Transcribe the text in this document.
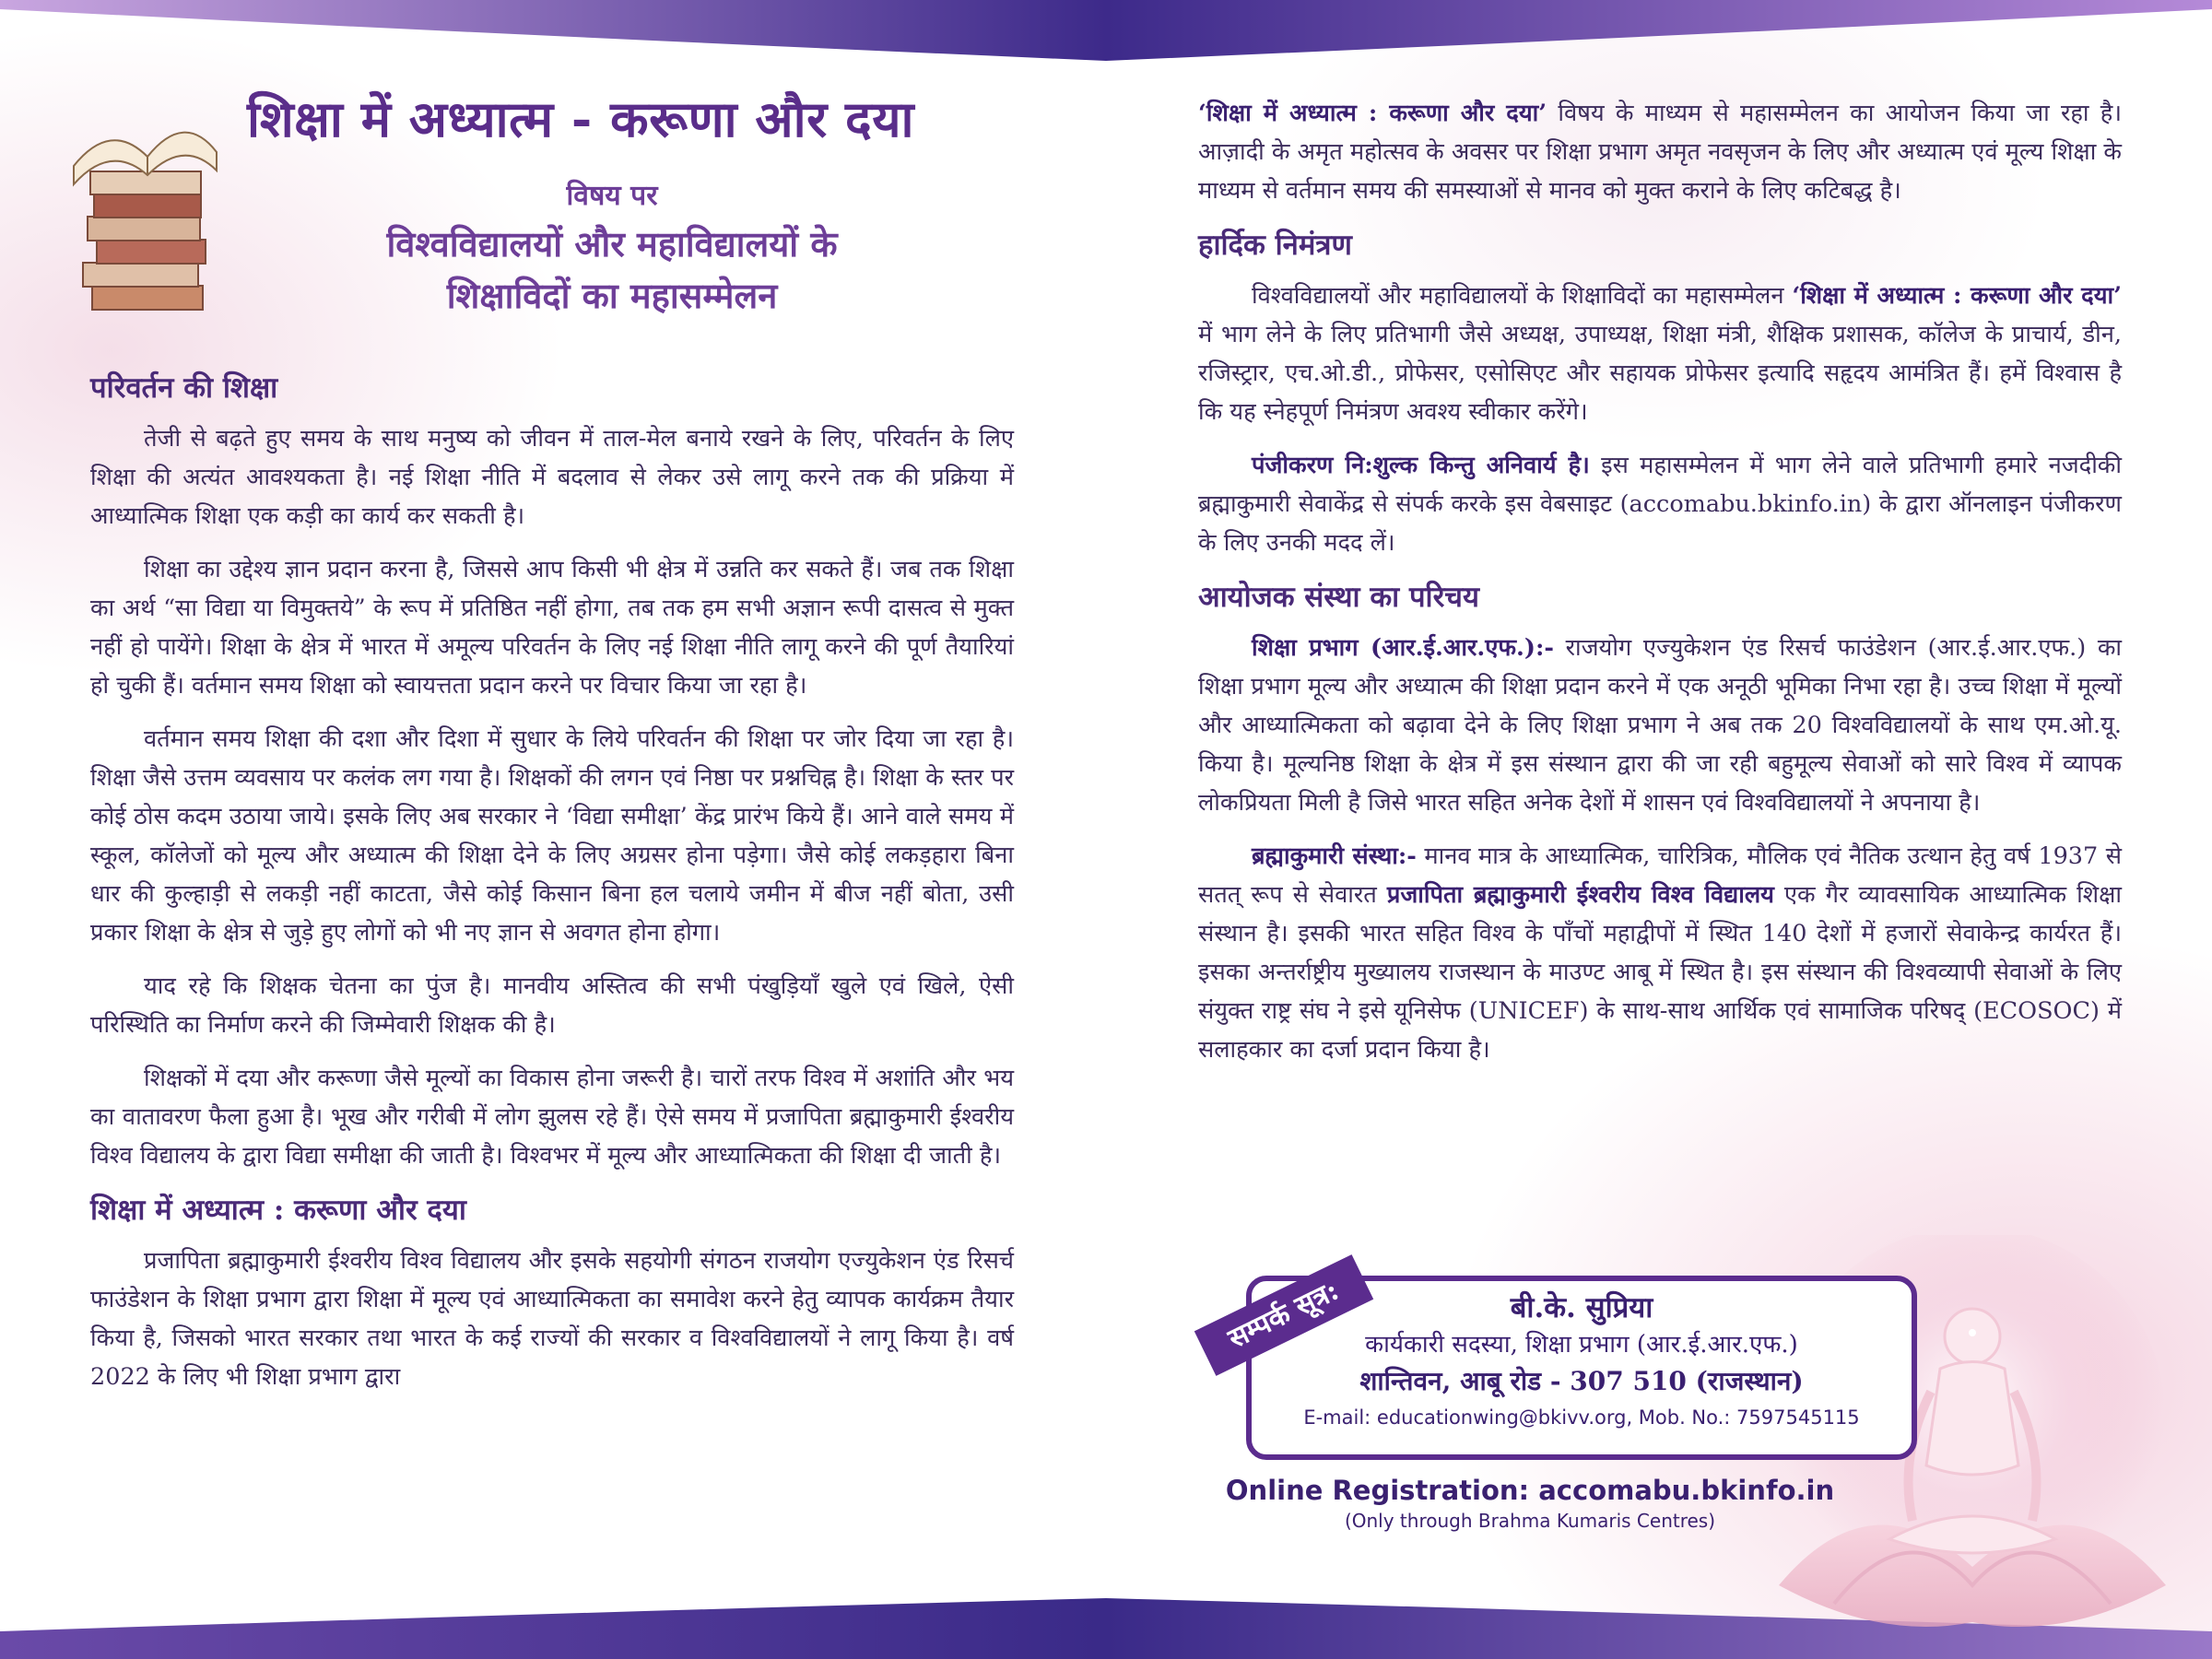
शिक्षा में अध्यात्म - करूणा और दया
विषय पर
विश्वविद्यालयों और महाविद्यालयों के
शिक्षाविदों का महासम्मेलन
परिवर्तन की शिक्षा

तेजी से बढ़ते हुए समय के साथ मनुष्य को जीवन में ताल-मेल बनाये रखने के लिए, परिवर्तन के लिए शिक्षा की अत्यंत आवश्यकता है। नई शिक्षा नीति में बदलाव से लेकर उसे लागू करने तक की प्रक्रिया में आध्यात्मिक शिक्षा एक कड़ी का कार्य कर सकती है।

शिक्षा का उद्देश्य ज्ञान प्रदान करना है, जिससे आप किसी भी क्षेत्र में उन्नति कर सकते हैं। जब तक शिक्षा का अर्थ “सा विद्या या विमुक्तये” के रूप में प्रतिष्ठित नहीं होगा, तब तक हम सभी अज्ञान रूपी दासत्व से मुक्त नहीं हो पायेंगे। शिक्षा के क्षेत्र में भारत में अमूल्य परिवर्तन के लिए नई शिक्षा नीति लागू करने की पूर्ण तैयारियां हो चुकी हैं। वर्तमान समय शिक्षा को स्वायत्तता प्रदान करने पर विचार किया जा रहा है।

वर्तमान समय शिक्षा की दशा और दिशा में सुधार के लिये परिवर्तन की शिक्षा पर जोर दिया जा रहा है। शिक्षा जैसे उत्तम व्यवसाय पर कलंक लग गया है। शिक्षकों की लगन एवं निष्ठा पर प्रश्नचिह्न है। शिक्षा के स्तर पर कोई ठोस कदम उठाया जाये। इसके लिए अब सरकार ने ‘विद्या समीक्षा’ केंद्र प्रारंभ किये हैं। आने वाले समय में स्कूल, कॉलेजों को मूल्य और अध्यात्म की शिक्षा देने के लिए अग्रसर होना पड़ेगा। जैसे कोई लकड़हारा बिना धार की कुल्हाड़ी से लकड़ी नहीं काटता, जैसे कोई किसान बिना हल चलाये जमीन में बीज नहीं बोता, उसी प्रकार शिक्षा के क्षेत्र से जुड़े हुए लोगों को भी नए ज्ञान से अवगत होना होगा।

याद रहे कि शिक्षक चेतना का पुंज है। मानवीय अस्तित्व की सभी पंखुड़ियाँ खुले एवं खिले, ऐसी परिस्थिति का निर्माण करने की जिम्मेवारी शिक्षक की है।

शिक्षकों में दया और करूणा जैसे मूल्यों का विकास होना जरूरी है। चारों तरफ विश्व में अशांति और भय का वातावरण फैला हुआ है। भूख और गरीबी में लोग झुलस रहे हैं। ऐसे समय में प्रजापिता ब्रह्माकुमारी ईश्वरीय विश्व विद्यालय के द्वारा विद्या समीक्षा की जाती है। विश्वभर में मूल्य और आध्यात्मिकता की शिक्षा दी जाती है।

शिक्षा में अध्यात्म : करूणा और दया

प्रजापिता ब्रह्माकुमारी ईश्वरीय विश्व विद्यालय और इसके सहयोगी संगठन राजयोग एज्युकेशन एंड रिसर्च फाउंडेशन के शिक्षा प्रभाग द्वारा शिक्षा में मूल्य एवं आध्यात्मिकता का समावेश करने हेतु व्यापक कार्यक्रम तैयार किया है, जिसको भारत सरकार तथा भारत के कई राज्यों की सरकार व विश्वविद्यालयों ने लागू किया है। वर्ष 2022 के लिए भी शिक्षा प्रभाग द्वारा

‘शिक्षा में अध्यात्म : करूणा और दया’ विषय के माध्यम से महासम्मेलन का आयोजन किया जा रहा है। आज़ादी के अमृत महोत्सव के अवसर पर शिक्षा प्रभाग अमृत नवसृजन के लिए और अध्यात्म एवं मूल्य शिक्षा के माध्यम से वर्तमान समय की समस्याओं से मानव को मुक्त कराने के लिए कटिबद्ध है।

हार्दिक निमंत्रण

विश्वविद्यालयों और महाविद्यालयों के शिक्षाविदों का महासम्मेलन ‘शिक्षा में अध्यात्म : करूणा और दया’ में भाग लेने के लिए प्रतिभागी जैसे अध्यक्ष, उपाध्यक्ष, शिक्षा मंत्री, शैक्षिक प्रशासक, कॉलेज के प्राचार्य, डीन, रजिस्ट्रार, एच.ओ.डी., प्रोफेसर, एसोसिएट और सहायक प्रोफेसर इत्यादि सहृदय आमंत्रित हैं। हमें विश्वास है कि यह स्नेहपूर्ण निमंत्रण अवश्य स्वीकार करेंगे।

पंजीकरण नि:शुल्क किन्तु अनिवार्य है। इस महासम्मेलन में भाग लेने वाले प्रतिभागी हमारे नजदीकी ब्रह्माकुमारी सेवाकेंद्र से संपर्क करके इस वेबसाइट (accomabu.bkinfo.in) के द्वारा ऑनलाइन पंजीकरण के लिए उनकी मदद लें।

आयोजक संस्था का परिचय

शिक्षा प्रभाग (आर.ई.आर.एफ.):- राजयोग एज्युकेशन एंड रिसर्च फाउंडेशन (आर.ई.आर.एफ.) का शिक्षा प्रभाग मूल्य और अध्यात्म की शिक्षा प्रदान करने में एक अनूठी भूमिका निभा रहा है। उच्च शिक्षा में मूल्यों और आध्यात्मिकता को बढ़ावा देने के लिए शिक्षा प्रभाग ने अब तक 20 विश्वविद्यालयों के साथ एम.ओ.यू. किया है। मूल्यनिष्ठ शिक्षा के क्षेत्र में इस संस्थान द्वारा की जा रही बहुमूल्य सेवाओं को सारे विश्व में व्यापक लोकप्रियता मिली है जिसे भारत सहित अनेक देशों में शासन एवं विश्वविद्यालयों ने अपनाया है।

ब्रह्माकुमारी संस्था:- मानव मात्र के आध्यात्मिक, चारित्रिक, मौलिक एवं नैतिक उत्थान हेतु वर्ष 1937 से सतत् रूप से सेवारत प्रजापिता ब्रह्माकुमारी ईश्वरीय विश्व विद्यालय एक गैर व्यावसायिक आध्यात्मिक शिक्षा संस्थान है। इसकी भारत सहित विश्व के पाँचों महाद्वीपों में स्थित 140 देशों में हजारों सेवाकेन्द्र कार्यरत हैं। इसका अन्तर्राष्ट्रीय मुख्यालय राजस्थान के माउण्ट आबू में स्थित है। इस संस्थान की विश्वव्यापी सेवाओं के लिए संयुक्त राष्ट्र संघ ने इसे यूनिसेफ (UNICEF) के साथ-साथ आर्थिक एवं सामाजिक परिषद् (ECOSOC) में सलाहकार का दर्जा प्रदान किया है।

बी.के. सुप्रिया
कार्यकारी सदस्या, शिक्षा प्रभाग (आर.ई.आर.एफ.)
शान्तिवन, आबू रोड - 307 510 (राजस्थान)
E-mail: educationwing@bkivv.org, Mob. No.: 7597545115
सम्पर्क सूत्र:
Online Registration: accomabu.bkinfo.in
(Only through Brahma Kumaris Centres)
